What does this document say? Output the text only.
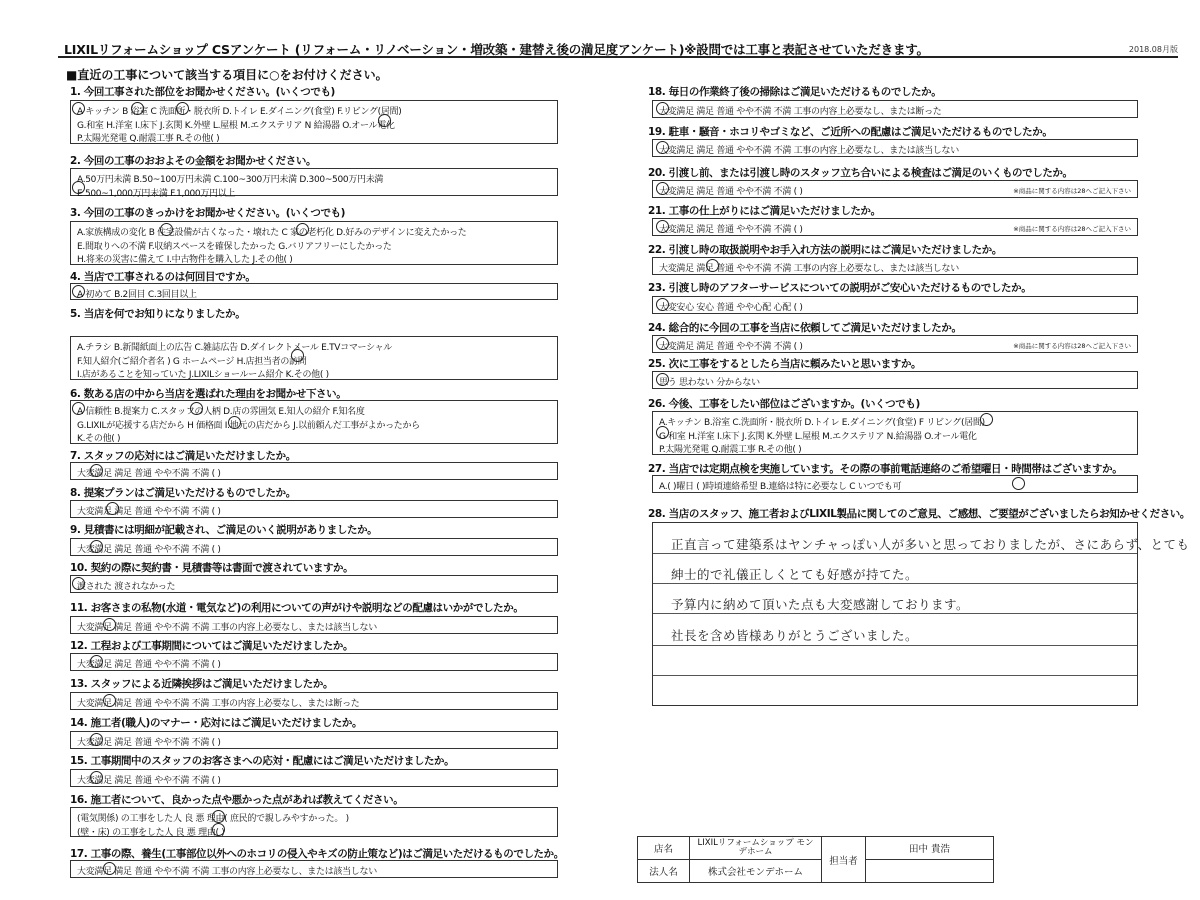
LIXILリフォームショップ CSアンケート (リフォーム・リノベーション・増改築・建替え後の満足度アンケート)※設問では工事と表記させていただきます。	2018.08月版
■直近の工事について該当する項目に○をお付けください。
1. 今回工事された部位をお聞かせください。(いくつでも)
A キッチン B 浴室 C 洗面所・脱衣所 D.トイレ E.ダイニング(食堂) F.リビング(居間)
G.和室 H.洋室 I.床下 J.玄関 K.外壁 L.屋根 M.エクステリア N 給湯器 O.オール電化
P.太陽光発電 Q.耐震工事 R.その他( )
2. 今回の工事のおおよその金額をお聞かせください。
A.50万円未満 B.50~100万円未満 C.100~300万円未満 D.300~500万円未満
E 500~1,000万円未満 F.1,000万円以上
3. 今回の工事のきっかけをお聞かせください。(いくつでも)
A.家族構成の変化 B 住宅設備が古くなった・壊れた C 家の老朽化 D.好みのデザインに変えたかった
E.間取りへの不満 F.収納スペースを確保したかった G.バリアフリーにしたかった
H.将来の災害に備えて I.中古物件を購入した J.その他( )
4. 当店で工事されるのは何回目ですか。
A 初めて B.2回目 C.3回目以上
5. 当店を何でお知りになりましたか。
A.チラシ B.新聞紙面上の広告 C.雑誌広告 D.ダイレクトメール E.TVコマーシャル
F.知人紹介(ご紹介者名 ) G ホームページ H.店担当者の訪問
I.店があることを知っていた J.LIXILショールーム紹介 K.その他( )
6. 数ある店の中から当店を選ばれた理由をお聞かせ下さい。
A 信頼性 B.提案力 C.スタッフの人柄 D.店の雰囲気 E.知人の紹介 F.知名度
G.LIXILが応援する店だから H 価格面 I.地元の店だから J.以前頼んだ工事がよかったから
K.その他( )
7. スタッフの応対にはご満足いただけましたか。
大変満足 満足 普通 やや不満 不満 ( )
8. 提案プランはご満足いただけるものでしたか。
大変満足 満足 普通 やや不満 不満 ( )
9. 見積書には明細が記載され、ご満足のいく説明がありましたか。
大変満足 満足 普通 やや不満 不満 ( )
10. 契約の際に契約書・見積書等は書面で渡されていますか。
渡された 渡されなかった
11. お客さまの私物(水道・電気など)の利用についての声がけや説明などの配慮はいかがでしたか。
大変満足 満足 普通 やや不満 不満 工事の内容上必要なし、または該当しない
12. 工程および工事期間についてはご満足いただけましたか。
大変満足 満足 普通 やや不満 不満 ( )
13. スタッフによる近隣挨拶はご満足いただけましたか。
大変満足 満足 普通 やや不満 不満 工事の内容上必要なし、または断った
14. 施工者(職人)のマナー・応対にはご満足いただけましたか。
大変満足 満足 普通 やや不満 不満 ( )
15. 工事期間中のスタッフのお客さまへの応対・配慮にはご満足いただけましたか。
大変満足 満足 普通 やや不満 不満 ( )
16. 施工者について、良かった点や悪かった点があれば教えてください。
(電気関係) の工事をした人 良 悪 理由( 庶民的で親しみやすかった。 )
(壁・床) の工事をした人 良 悪 理由( )
17. 工事の際、養生(工事部位以外へのホコリの侵入やキズの防止策など)はご満足いただけるものでしたか。
大変満足 満足 普通 やや不満 不満 工事の内容上必要なし、または該当しない
18. 毎日の作業終了後の掃除はご満足いただけるものでしたか。
大変満足 満足 普通 やや不満 不満 工事の内容上必要なし、または断った
19. 駐車・騒音・ホコリやゴミなど、ご近所への配慮はご満足いただけるものでしたか。
大変満足 満足 普通 やや不満 不満 工事の内容上必要なし、または該当しない
20. 引渡し前、または引渡し時のスタッフ立ち合いによる検査はご満足のいくものでしたか。
大変満足 満足 普通 やや不満 不満 ( )	※商品に関する内容は28へご記入下さい
21. 工事の仕上がりにはご満足いただけましたか。
大変満足 満足 普通 やや不満 不満 ( )	※商品に関する内容は28へご記入下さい
22. 引渡し時の取扱説明やお手入れ方法の説明にはご満足いただけましたか。
大変満足 満足 普通 やや不満 不満 工事の内容上必要なし、または該当しない
23. 引渡し時のアフターサービスについての説明がご安心いただけるものでしたか。
大変安心 安心 普通 やや心配 心配 ( )
24. 総合的に今回の工事を当店に依頼してご満足いただけましたか。
大変満足 満足 普通 やや不満 不満 ( )	※商品に関する内容は28へご記入下さい
25. 次に工事をするとしたら当店に頼みたいと思いますか。
思う 思わない 分からない
26. 今後、工事をしたい部位はございますか。(いくつでも)
A.キッチン B.浴室 C.洗面所・脱衣所 D.トイレ E.ダイニング(食堂) F リビング(居間)
G 和室 H.洋室 I.床下 J.玄関 K.外壁 L.屋根 M.エクステリア N.給湯器 O.オール電化
P.太陽光発電 Q.耐震工事 R.その他( )
27. 当店では定期点検を実施しています。その際の事前電話連絡のご希望曜日・時間帯はございますか。
A.( )曜日 ( )時頃連絡希望 B.連絡は特に必要なし C いつでも可
28. 当店のスタッフ、施工者およびLIXIL製品に関してのご意見、ご感想、ご要望がございましたらお知かせください。
正直言って建築系はヤンチャっぽい人が多いと思っておりましたが、さにあらず、とても
紳士的で礼儀正しくとても好感が持てた。
予算内に納めて頂いた点も大変感謝しております。
社長を含め皆様ありがとうございました。
店名	LIXILリフォームショップ モンデホーム	担当者	田中 貴浩
法人名	株式会社モンデホーム		
